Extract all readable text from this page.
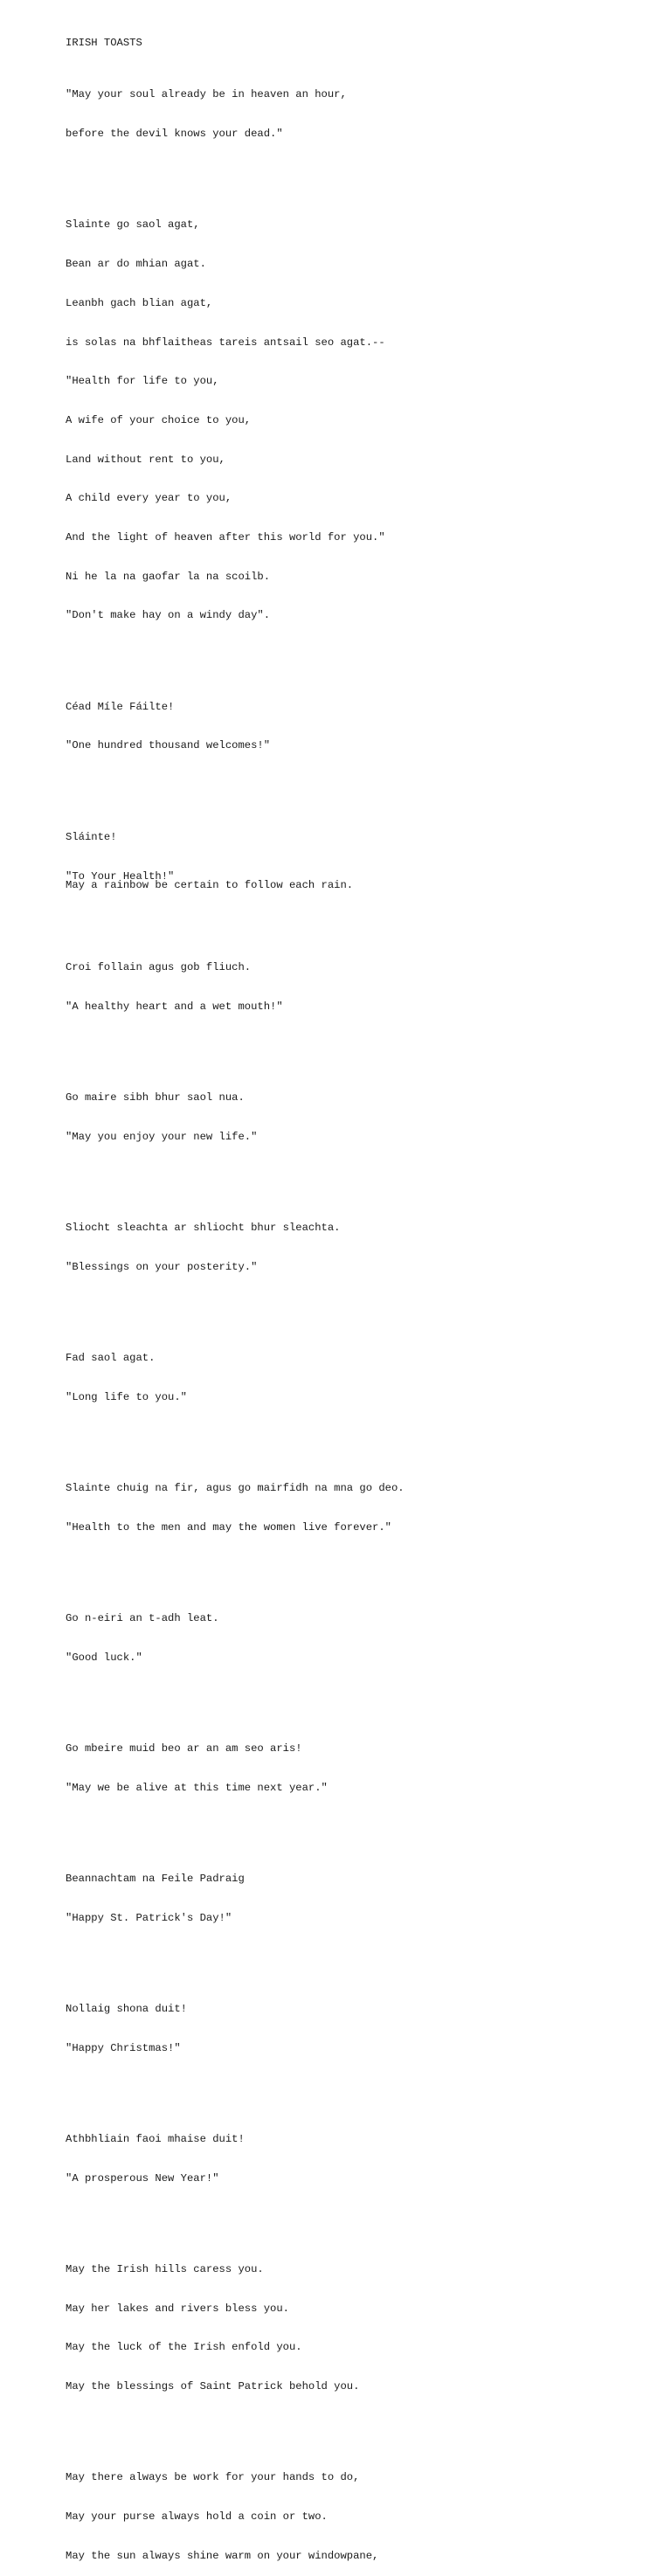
IRISH TOASTS

"May your soul already be in heaven an hour,

before the devil knows your dead."

Slainte go saol agat,

Bean ar do mhian agat.

Leanbh gach blian agat,

is solas na bhflaitheas tareis antsail seo agat.--

"Health for life to you,

A wife of your choice to you,

Land without rent to you,

A child every year to you,

And the light of heaven after this world for you."

Ni he la na gaofar la na scoilb.

"Don't make hay on a windy day".

Céad Míle Fáilte!

"One hundred thousand welcomes!"

Sláinte!

"To Your Health!"

Croi follain agus gob fliuch.

"A healthy heart and a wet mouth!"

Go maire sibh bhur saol nua.

"May you enjoy your new life."

Sliocht sleachta ar shliocht bhur sleachta.

"Blessings on your posterity."

Fad saol agat.

"Long life to you."

Slainte chuig na fir, agus go mairfidh na mna go deo.

"Health to the men and may the women live forever."

Go n-eiri an t-adh leat.

"Good luck."

Go mbeire muid beo ar an am seo aris!

"May we be alive at this time next year."

Beannachtam na Feile Padraig

"Happy St. Patrick's Day!"

Nollaig shona duit!

"Happy Christmas!"

Athbhliain faoi mhaise duit!

"A prosperous New Year!"

May the Irish hills caress you.

May her lakes and rivers bless you.

May the luck of the Irish enfold you.

May the blessings of Saint Patrick behold you.

May there always be work for your hands to do,

May your purse always hold a coin or two.

May the sun always shine warm on your windowpane,

May a rainbow be certain to follow each rain.
